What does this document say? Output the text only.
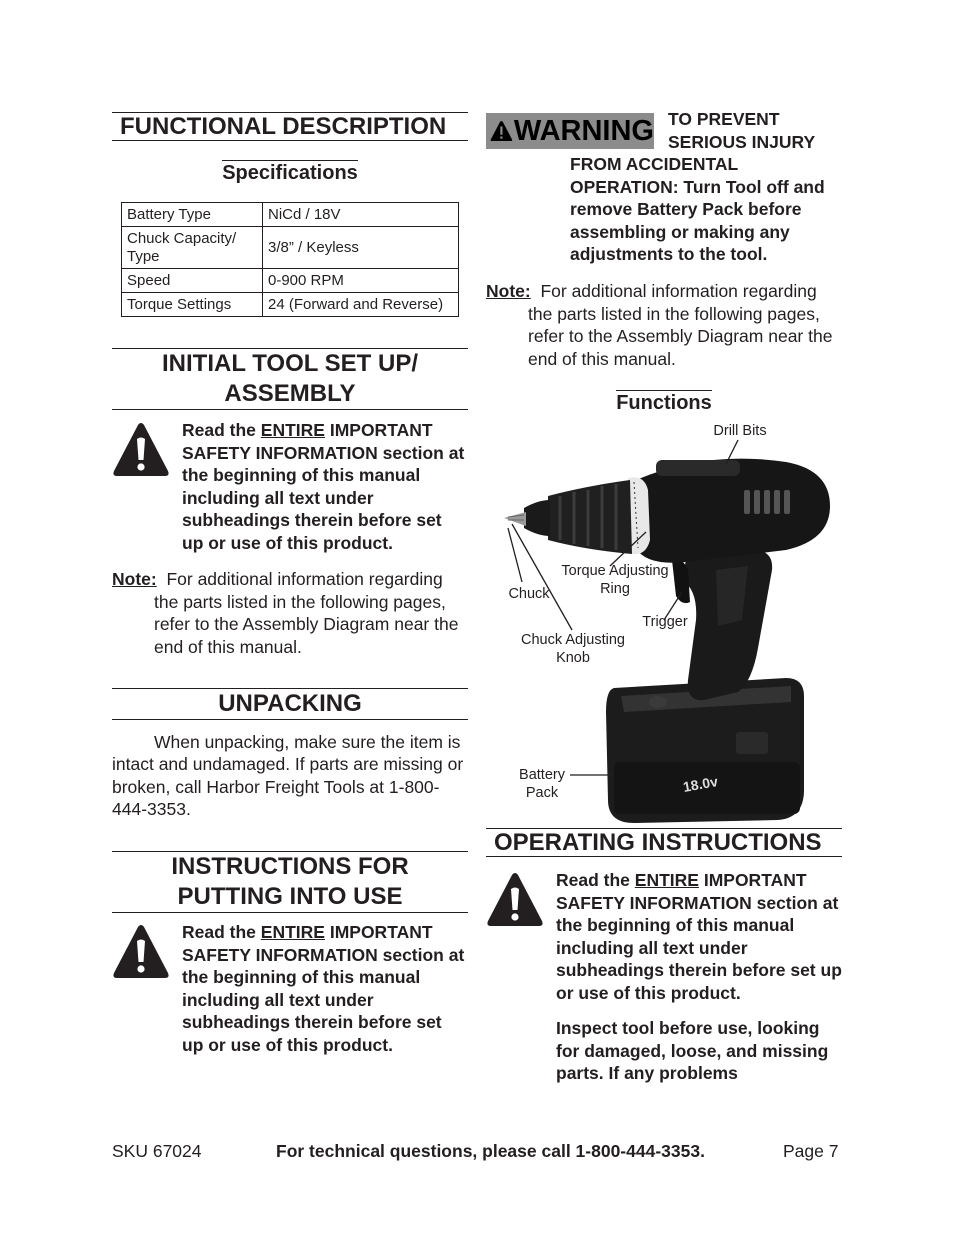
FUNCTIONAL DESCRIPTION
Specifications
Battery Type	NiCd / 18V
Chuck Capacity/ Type	3/8” / Keyless
Speed	0-900 RPM
Torque Settings	24 (Forward and Reverse)
INITIAL TOOL SET UP/
ASSEMBLY
Read the ENTIRE IMPORTANT SAFETY INFORMATION section at the beginning of this manual including all text under subheadings therein before set up or use of this product.
Note: For additional information regarding
the parts listed in the following pages, refer to the Assembly Diagram near the end of this manual.
UNPACKING
When unpacking, make sure the item is intact and undamaged. If parts are missing or broken, call Harbor Freight Tools at 1-800-444-3353.
INSTRUCTIONS FOR
PUTTING INTO USE
Read the ENTIRE IMPORTANT SAFETY INFORMATION section at the beginning of this manual including all text under subheadings therein before set up or use of this product.
WARNING TO PREVENT
SERIOUS INJURY
FROM ACCIDENTAL OPERATION: Turn Tool off and remove Battery Pack before assembling or making any adjustments to the tool.
Note: For additional information regarding
the parts listed in the following pages, refer to the Assembly Diagram near the end of this manual.
Functions
18.0v
Drill Bits
Chuck
Torque Adjusting Ring
Trigger
Chuck Adjusting Knob
Battery Pack
OPERATING INSTRUCTIONS
Read the ENTIRE IMPORTANT SAFETY INFORMATION section at the beginning of this manual including all text under subheadings therein before set up or use of this product.
Inspect tool before use, looking for damaged, loose, and missing parts. If any problems
SKU 67024	For technical questions, please call 1-800-444-3353.	Page 7
